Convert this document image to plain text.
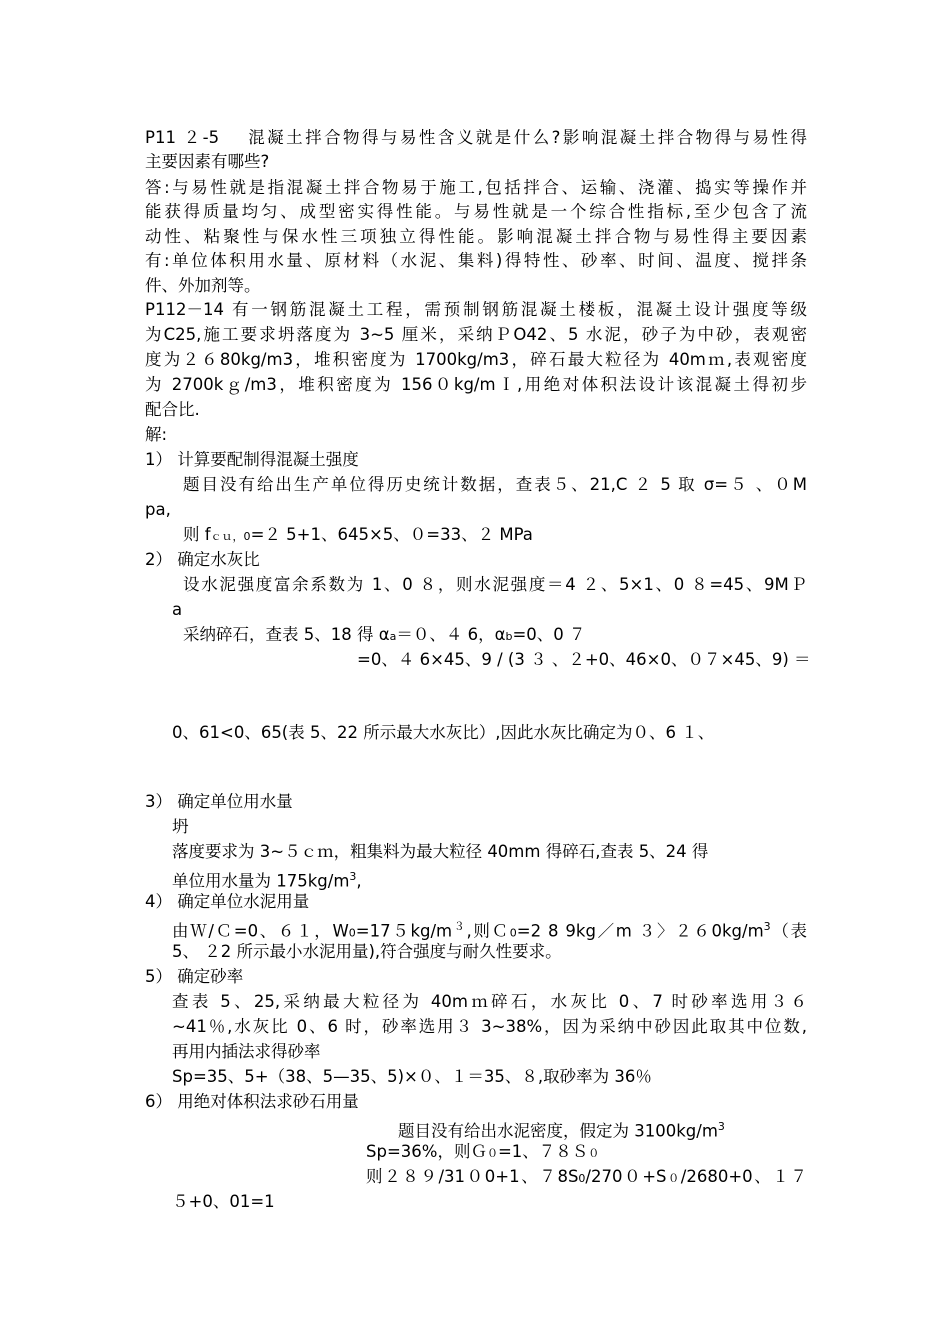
P11 ２-5　 混凝土拌合物得与易性含义就是什么?影响混凝土拌合物得与易性得
主要因素有哪些?
答:与易性就是指混凝土拌合物易于施工,包括拌合、运输、浇灌、捣实等操作并
能获得质量均匀、成型密实得性能。与易性就是一个综合性指标,至少包含了流
动性、粘聚性与保水性三项独立得性能。影响混凝土拌合物与易性得主要因素
有:单位体积用水量、原材料（水泥、集料)得特性、砂率、时间、温度、搅拌条
件、外加剂等。
P112－14 有一钢筋混凝土工程，需预制钢筋混凝土楼板，混凝土设计强度等级
为C25,施工要求坍落度为 3~5 厘米，采纳ＰO42、5 水泥，砂子为中砂，表观密
度为２６80kg/m3，堆积密度为 1700kg/m3，碎石最大粒径为 40mｍ,表观密度
为 2700kｇ/m3，堆积密度为 156０kg/mＩ,用绝对体积法设计该混凝土得初步
配合比.
解:
1） 计算要配制得混凝土强度
题目没有给出生产单位得历史统计数据，查表５、21,C ２ 5 取 σ=５ 、０M
pa,
则 fｃｕ，0=２ 5+1、645×5、０=33、２ MPa
2） 确定水灰比
设水泥强度富余系数为 1、0 ８，则水泥强度＝4 ２、5×1、0 ８=45、9MＰ
a
采纳碎石，查表 5、18 得 αa＝０、４ 6，αb=0、0 ７
=0、４ 6×45、9 / (3 ３ 、２+0、46×0、０７×45、9) ＝
0、61<0、65(表 5、22 所示最大水灰比）,因此水灰比确定为０、6 １、
3） 确定单位用水量
坍
落度要求为 3~５ｃｍ，粗集料为最大粒径 40mm 得碎石,查表 5、24 得
单位用水量为 $175kg/m^3$,
4） 确定单位水泥用量
由Ｗ/Ｃ=0、６１，$W0=175kg/m^3$,则Ｃ0=2 8 9kg／m ３〉$260kg/m^3$（表
5、 ２2 所示最小水泥用量),符合强度与耐久性要求。
5） 确定砂率
查表 5、25,采纳最大粒径为 40mｍ碎石，水灰比 0、7 时砂率选用３６
~41％,水灰比 0、6 时，砂率选用３ 3~38%，因为采纳中砂因此取其中位数,
再用内插法求得砂率
Sp=35、5+（38、5—35、5)×０、１＝35、８,取砂率为 36％
6） 用绝对体积法求砂石用量
题目没有给出水泥密度，假定为 $3100kg/m^3$
Sp=36%，则Ｇ０=1、７８Ｓ０
则２８９/31０0+1、７8S0/270０+S０/2680+0、１７
５+0、01=1
